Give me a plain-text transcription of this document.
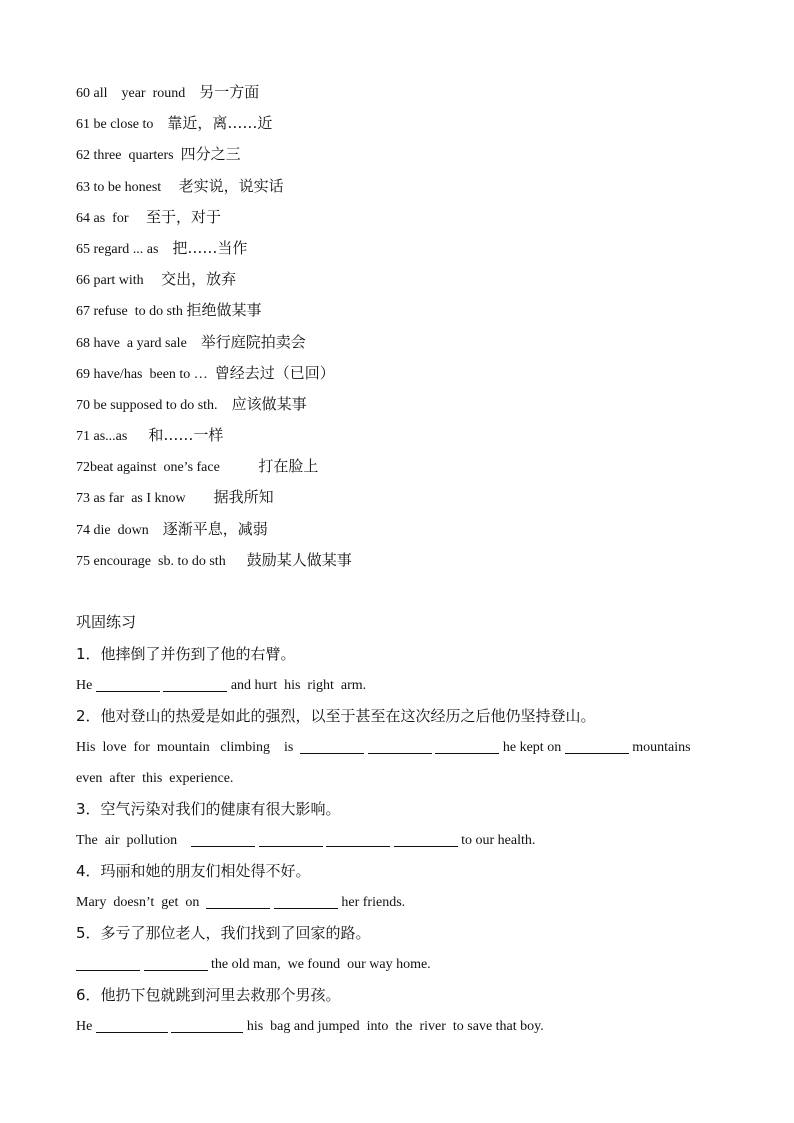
60 all    year  round    另一方面
61 be close to    靠近，离……近
62 three  quarters  四分之三
63 to be honest     老实说，说实话
64 as  for     至于，对于
65 regard ... as    把……当作
66 part with     交出，放弃
67 refuse  to do sth 拒绝做某事
68 have  a yard sale    举行庭院拍卖会
69 have/has  been to …  曾经去过（已回）
70 be supposed to do sth.    应该做某事
71 as...as      和……一样
72beat against  one’s face           打在脸上
73 as far  as I know        据我所知
74 die  down    逐渐平息，减弱
75 encourage  sb. to do sth      鼓励某人做某事
巩固练习
1．他摔倒了并伤到了他的右臂。
He	and hurt  his  right  arm.
2．他对登山的热爱是如此的强烈，以至于甚至在这次经历之后他仍坚持登山。
His  love  for  mountain   climbing    is	he kept on	mountains
even  after  this  experience.
3．空气污染对我们的健康有很大影响。
The  air  pollution	to our health.
4．玛丽和她的朋友们相处得不好。
Mary  doesn’t  get  on	her friends.
5．多亏了那位老人，我们找到了回家的路。
the old man,  we found  our way home.
6．他扔下包就跳到河里去救那个男孩。
He	his  bag and jumped  into  the  river  to save that boy.
